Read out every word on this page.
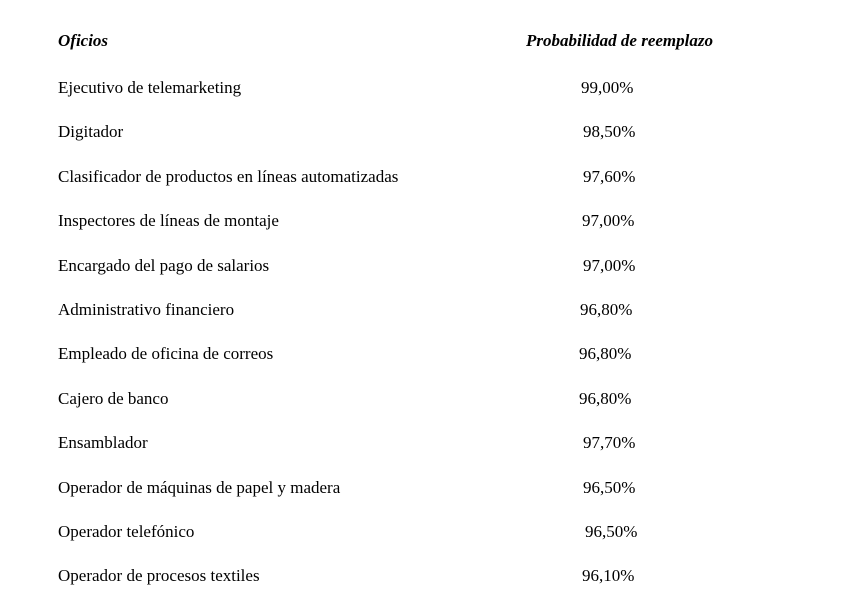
Oficios	Probabilidad de reemplazo
Ejecutivo de telemarketing	99,00%
Digitador	98,50%
Clasificador de productos en líneas automatizadas	97,60%
Inspectores de líneas de montaje	97,00%
Encargado del pago de salarios	97,00%
Administrativo financiero	96,80%
Empleado de oficina de correos	96,80%
Cajero de banco	96,80%
Ensamblador	97,70%
Operador de máquinas de papel y madera	96,50%
Operador telefónico	96,50%
Operador de procesos textiles	96,10%
